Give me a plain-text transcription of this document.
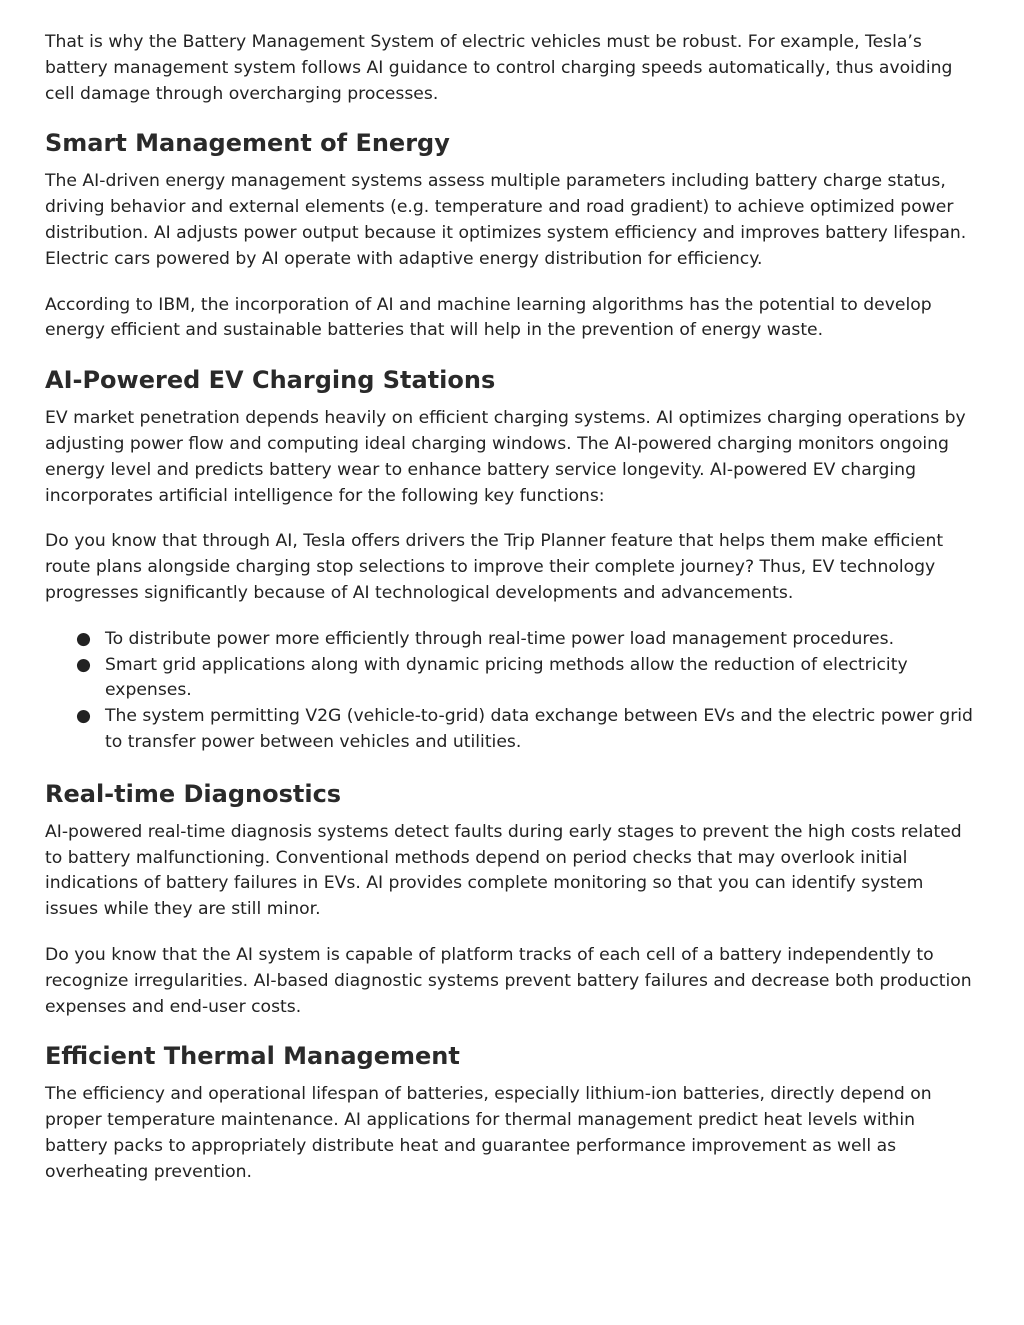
That is why the Battery Management System of electric vehicles must be robust. For example, Tesla’s battery management system follows AI guidance to control charging speeds automatically, thus avoiding cell damage through overcharging processes.

Smart Management of Energy

The AI-driven energy management systems assess multiple parameters including battery charge status, driving behavior and external elements (e.g. temperature and road gradient) to achieve optimized power distribution. AI adjusts power output because it optimizes system efficiency and improves battery lifespan. Electric cars powered by AI operate with adaptive energy distribution for efficiency.

According to IBM, the incorporation of AI and machine learning algorithms has the potential to develop energy efficient and sustainable batteries that will help in the prevention of energy waste.

AI-Powered EV Charging Stations

EV market penetration depends heavily on efficient charging systems. AI optimizes charging operations by adjusting power flow and computing ideal charging windows. The AI-powered charging monitors ongoing energy level and predicts battery wear to enhance battery service longevity. AI-powered EV charging incorporates artificial intelligence for the following key functions:

Do you know that through AI, Tesla offers drivers the Trip Planner feature that helps them make efficient route plans alongside charging stop selections to improve their complete journey? Thus, EV technology progresses significantly because of AI technological developments and advancements.

● To distribute power more efficiently through real-time power load management procedures.
● Smart grid applications along with dynamic pricing methods allow the reduction of electricity expenses.
● The system permitting V2G (vehicle-to-grid) data exchange between EVs and the electric power grid to transfer power between vehicles and utilities.
Real-time Diagnostics

AI-powered real-time diagnosis systems detect faults during early stages to prevent the high costs related to battery malfunctioning. Conventional methods depend on period checks that may overlook initial indications of battery failures in EVs. AI provides complete monitoring so that you can identify system issues while they are still minor.

Do you know that the AI system is capable of platform tracks of each cell of a battery independently to recognize irregularities. AI-based diagnostic systems prevent battery failures and decrease both production expenses and end-user costs.

Efficient Thermal Management

The efficiency and operational lifespan of batteries, especially lithium-ion batteries, directly depend on proper temperature maintenance. AI applications for thermal management predict heat levels within battery packs to appropriately distribute heat and guarantee performance improvement as well as overheating prevention.
